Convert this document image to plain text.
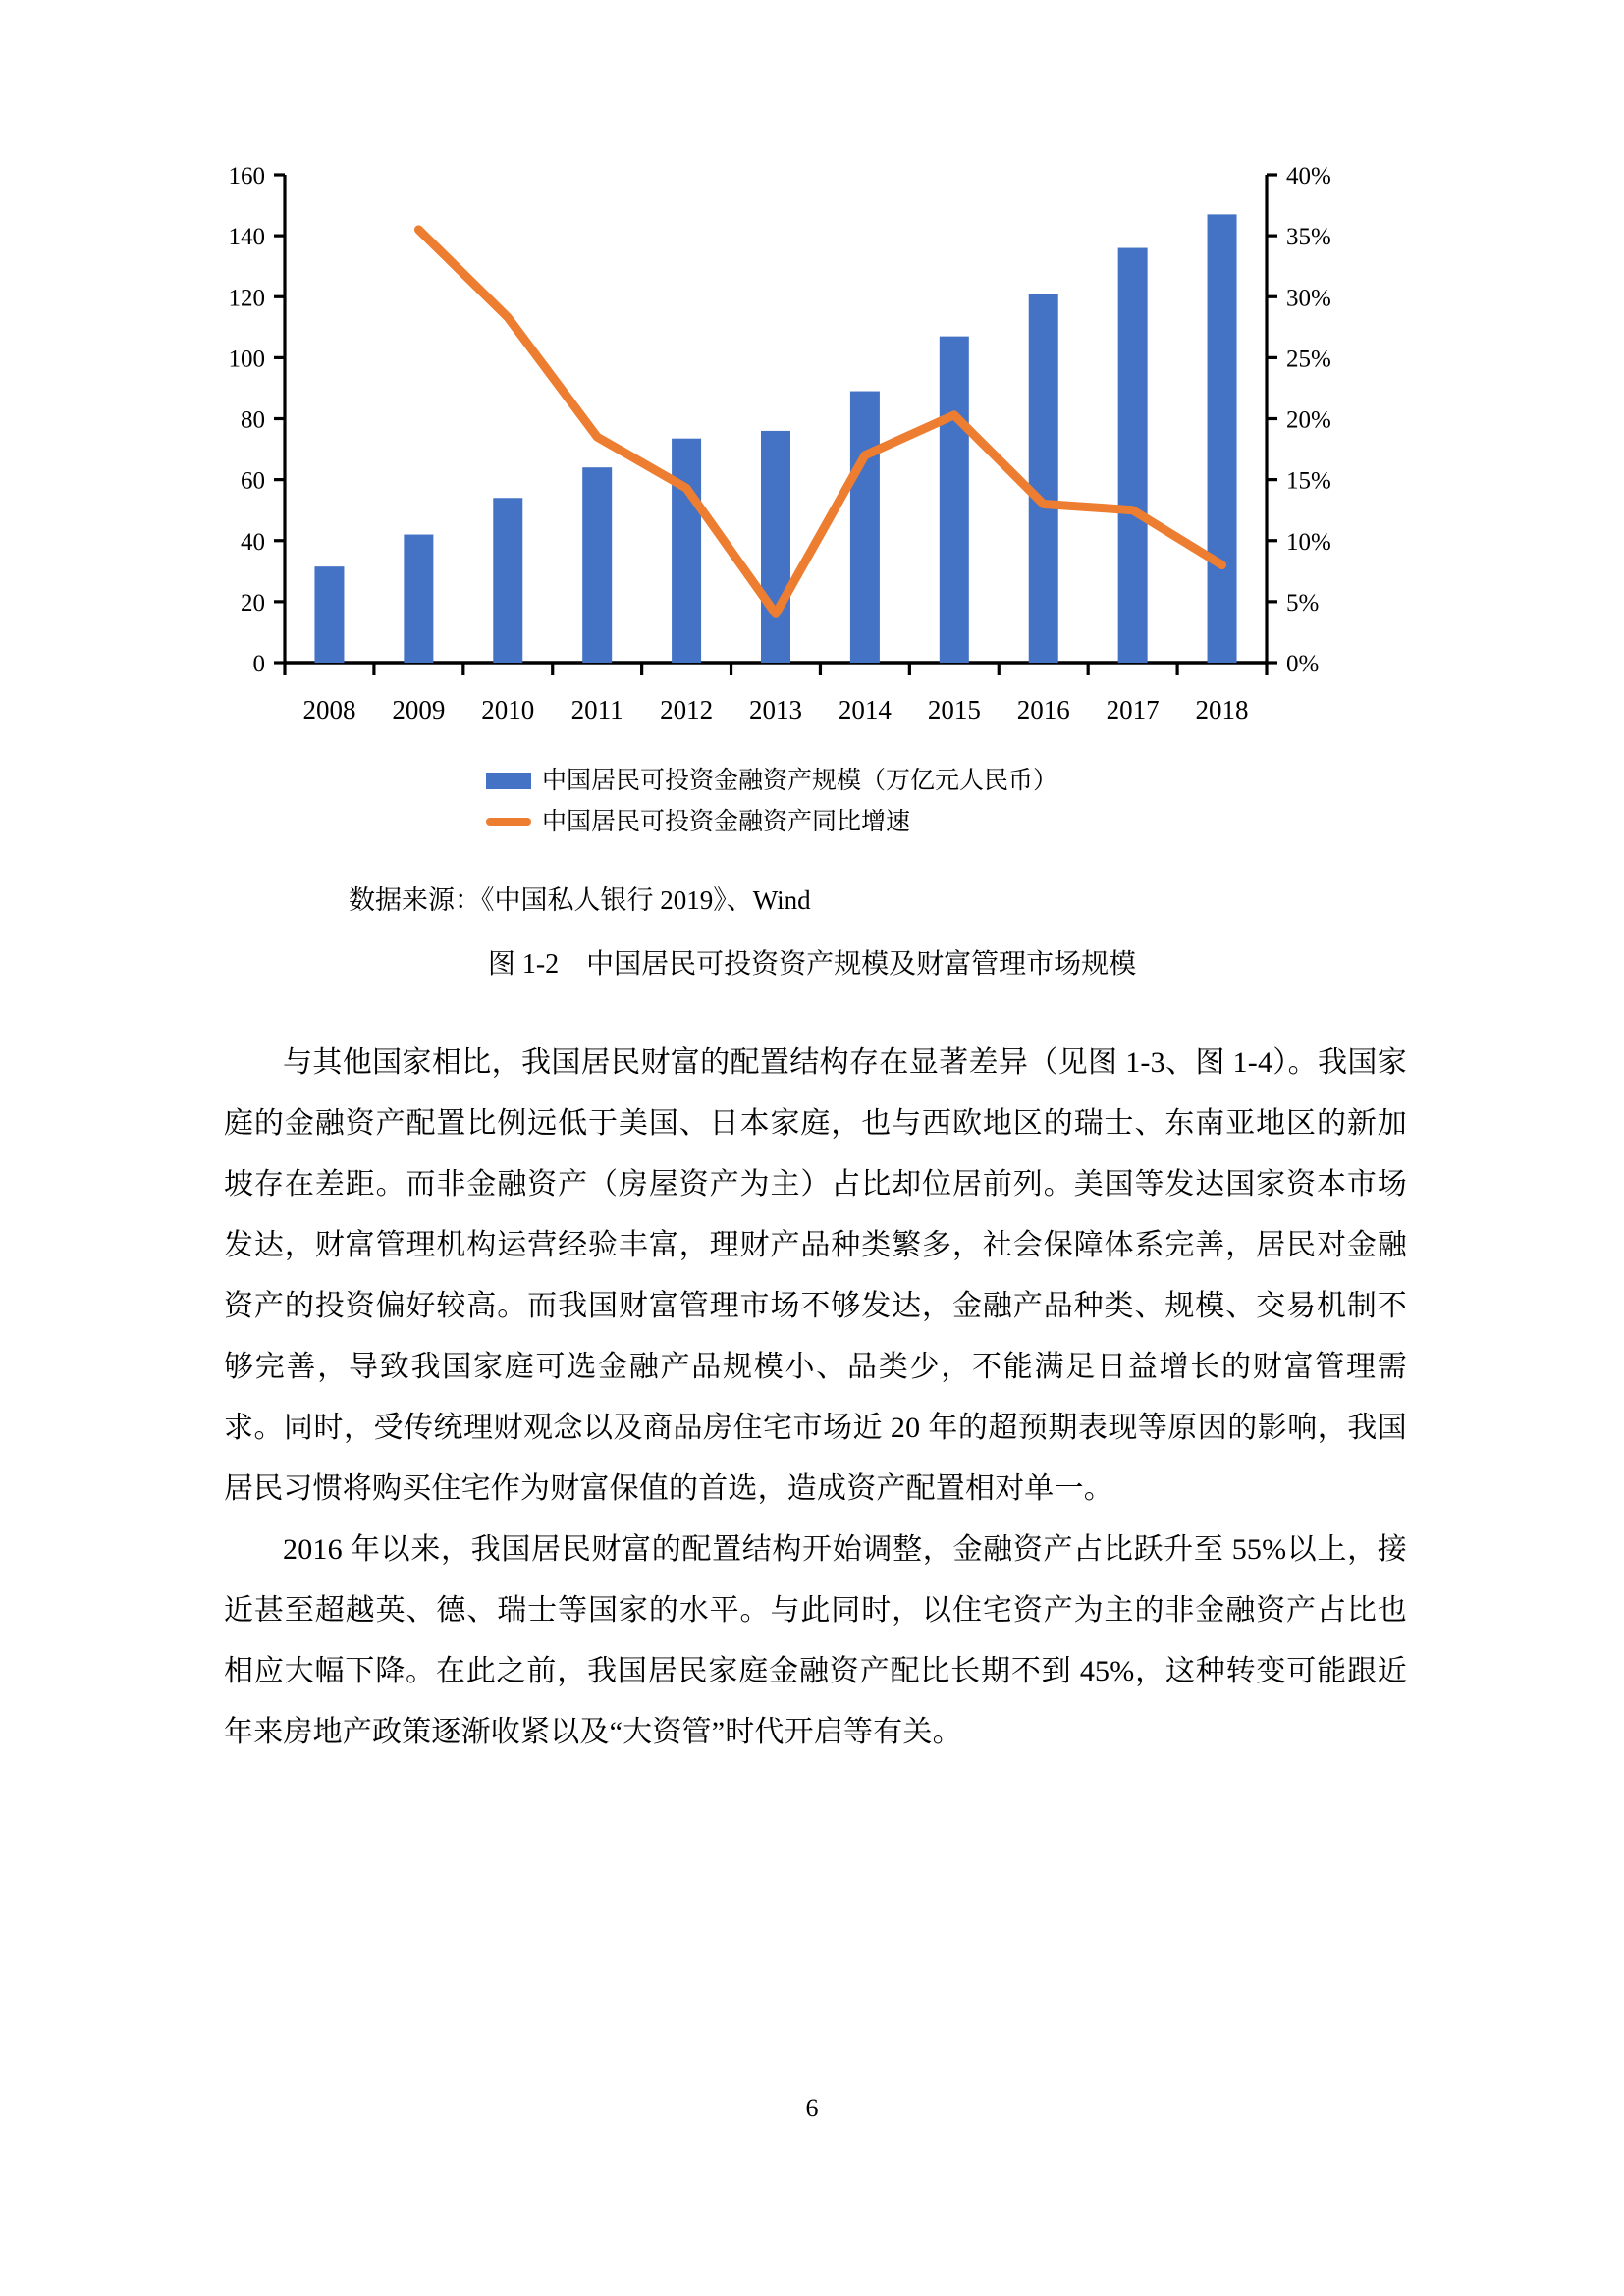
0
20
40
60
80
100
120
140
160
0%
5%
10%
15%
20%
25%
30%
35%
40%
2008 2009 2010 2011 2012 2013 2014 2015 2016 2017 2018
中国居民可投资金融资产规模（万亿元人民币）
中国居民可投资金融资产同比增速
数据来源：《中国私人银行 2019》、Wind
图 1-2　中国居民可投资资产规模及财富管理市场规模

与其他国家相比，我国居民财富的配置结构存在显著差异（见图 1-3、图 1-4）。我国家庭的金融资产配置比例远低于美国、日本家庭，也与西欧地区的瑞士、东南亚地区的新加坡存在差距。而非金融资产（房屋资产为主）占比却位居前列。美国等发达国家资本市场发达，财富管理机构运营经验丰富，理财产品种类繁多，社会保障体系完善，居民对金融资产的投资偏好较高。而我国财富管理市场不够发达，金融产品种类、规模、交易机制不够完善，导致我国家庭可选金融产品规模小、品类少，不能满足日益增长的财富管理需求。同时，受传统理财观念以及商品房住宅市场近 20 年的超预期表现等原因的影响，我国居民习惯将购买住宅作为财富保值的首选，造成资产配置相对单一。

2016 年以来，我国居民财富的配置结构开始调整，金融资产占比跃升至 55%以上，接近甚至超越英、德、瑞士等国家的水平。与此同时，以住宅资产为主的非金融资产占比也相应大幅下降。在此之前，我国居民家庭金融资产配比长期不到 45%，这种转变可能跟近年来房地产政策逐渐收紧以及“大资管”时代开启等有关。

6
